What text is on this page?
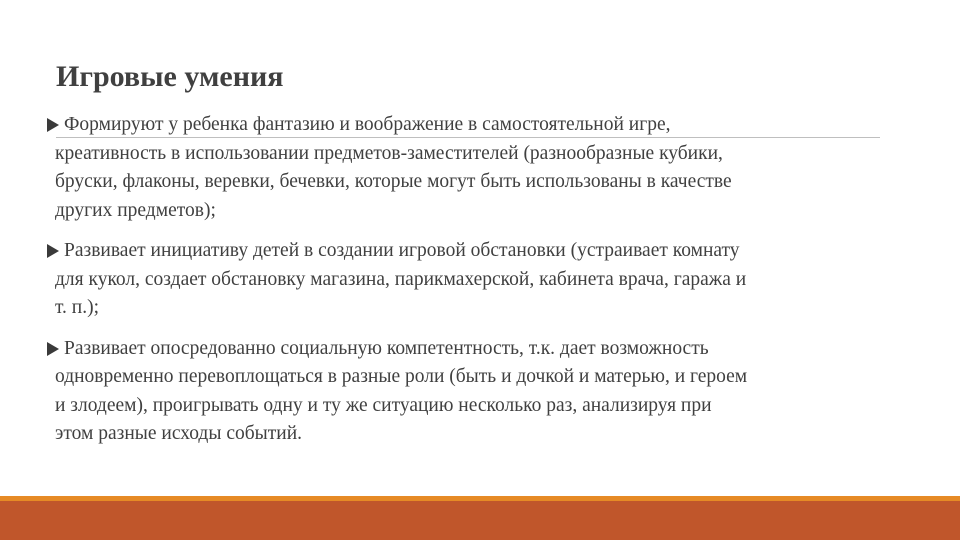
Игровые умения
Формируют у ребенка фантазию и воображение в самостоятельной игре,
креативность в использовании предметов-заместителей (разнообразные кубики,
бруски, флаконы, веревки, бечевки, которые могут быть использованы в качестве
других предметов);
Развивает инициативу детей в создании игровой обстановки (устраивает комнату
для кукол, создает обстановку магазина, парикмахерской, кабинета врача, гаража и
т. п.);
Развивает опосредованно социальную компетентность, т.к. дает возможность
одновременно перевоплощаться в разные роли (быть и дочкой и матерью, и героем
и злодеем), проигрывать одну и ту же ситуацию несколько раз, анализируя при
этом разные исходы событий.
